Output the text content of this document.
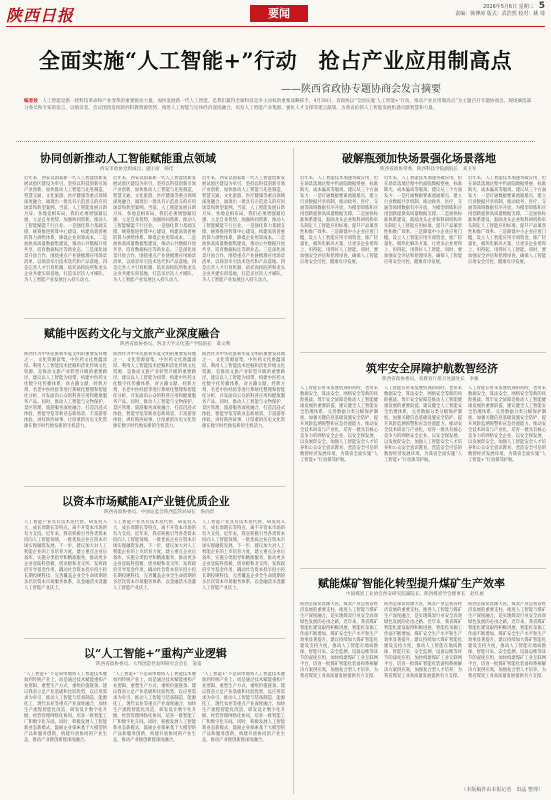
陕西日报	要闻	2026年5月6日 星期三　 5
责编：韩博涛 版式：武浩然 校对：姚 琦
全面实施“人工智能+”行动　抢占产业应用制高点
——陕西省政协专题协商会发言摘要
编者按　 人工智能是新一轮科技革命和产业变革的重要驱动力量。加快发展新一代人工智能，是我们赢得全球科技竞争主动权的重要战略抓手。4月30日，省政协以“全面实施‘人工智能+’行动，推动产业应用制高点”为主题召开专题协商会。现场摘选部分委员和专家的发言，以飨读者。会议围绕发挥陕西科教资源优势、推进人工智能与实体经济深度融合、培育人工智能产业集群、强化人才支撑等建言献策，为我省抢抓人工智能发展机遇贡献智慧和力量。
协同创新推动人工智能赋能重点领域
西安市政协党组成员、副主席　韩佳
近年来，西安以国家新一代人工智能创新发展试验区建设为牵引，坚持以科技创新引领产业创新，加快推动人工智能与先进制造、智慧交通、文化旅游、医疗健康等重点领域深度融合，涌现出一批具有示范意义的应用场景和典型案例。当前，人工智能发展日新月异，各地竞相布局，我们必须增强紧迫感，立足自身优势，加强协同创新，推动人工智能赋能千行百业。一是强化算力基础支撑，统筹推进智算中心建设，构建高效普惠的算力供给体系，降低企业用算成本。二是加快高质量数据集建设，推动公共数据开放共享，培育数据标注等新业态。三是深化场景开放合作，围绕重点产业链梳理应用场景清单，以场景牵引技术迭代和产品落地。四是完善人才引育机制，依托高校院所和龙头企业共建实训基地，打造多层次人才梯队，为人工智能产业发展注入持久动力。
近年来，西安以国家新一代人工智能创新发展试验区建设为牵引，坚持以科技创新引领产业创新，加快推动人工智能与先进制造、智慧交通、文化旅游、医疗健康等重点领域深度融合，涌现出一批具有示范意义的应用场景和典型案例。当前，人工智能发展日新月异，各地竞相布局，我们必须增强紧迫感，立足自身优势，加强协同创新，推动人工智能赋能千行百业。一是强化算力基础支撑，统筹推进智算中心建设，构建高效普惠的算力供给体系，降低企业用算成本。二是加快高质量数据集建设，推动公共数据开放共享，培育数据标注等新业态。三是深化场景开放合作，围绕重点产业链梳理应用场景清单，以场景牵引技术迭代和产品落地。四是完善人才引育机制，依托高校院所和龙头企业共建实训基地，打造多层次人才梯队，为人工智能产业发展注入持久动力。
近年来，西安以国家新一代人工智能创新发展试验区建设为牵引，坚持以科技创新引领产业创新，加快推动人工智能与先进制造、智慧交通、文化旅游、医疗健康等重点领域深度融合，涌现出一批具有示范意义的应用场景和典型案例。当前，人工智能发展日新月异，各地竞相布局，我们必须增强紧迫感，立足自身优势，加强协同创新，推动人工智能赋能千行百业。一是强化算力基础支撑，统筹推进智算中心建设，构建高效普惠的算力供给体系，降低企业用算成本。二是加快高质量数据集建设，推动公共数据开放共享，培育数据标注等新业态。三是深化场景开放合作，围绕重点产业链梳理应用场景清单，以场景牵引技术迭代和产品落地。四是完善人才引育机制，依托高校院所和龙头企业共建实训基地，打造多层次人才梯队，为人工智能产业发展注入持久动力。
破解瓶颈加快场景强化场景落地
陕西省政协常委、陕西科技学院副院长　刘卫军
近年来，人工智能技术加速突破应用，但在场景落地过程中仍面临数据壁垒、标准缺失、成本偏高等瓶颈。建议从三个方面发力：一是打通数据要素流通堵点，建立行业数据共享机制，推动政务、医疗、交通等领域数据有序开放，为模型训练和应用创新提供高质量数据支撑。二是加快标准体系建设，鼓励龙头企业和科研机构牵头制定人工智能应用标准，提升产品兼容性和推广效率。三是降低中小企业应用门槛，设立人工智能应用专项资金，推广轻量化、模块化解决方案，让更多企业用得上、用得起、用得好人工智能。同时，要加强安全评估和伦理审查，确保人工智能应用安全可控、健康有序发展。
近年来，人工智能技术加速突破应用，但在场景落地过程中仍面临数据壁垒、标准缺失、成本偏高等瓶颈。建议从三个方面发力：一是打通数据要素流通堵点，建立行业数据共享机制，推动政务、医疗、交通等领域数据有序开放，为模型训练和应用创新提供高质量数据支撑。二是加快标准体系建设，鼓励龙头企业和科研机构牵头制定人工智能应用标准，提升产品兼容性和推广效率。三是降低中小企业应用门槛，设立人工智能应用专项资金，推广轻量化、模块化解决方案，让更多企业用得上、用得起、用得好人工智能。同时，要加强安全评估和伦理审查，确保人工智能应用安全可控、健康有序发展。
近年来，人工智能技术加速突破应用，但在场景落地过程中仍面临数据壁垒、标准缺失、成本偏高等瓶颈。建议从三个方面发力：一是打通数据要素流通堵点，建立行业数据共享机制，推动政务、医疗、交通等领域数据有序开放，为模型训练和应用创新提供高质量数据支撑。二是加快标准体系建设，鼓励龙头企业和科研机构牵头制定人工智能应用标准，提升产品兼容性和推广效率。三是降低中小企业应用门槛，设立人工智能应用专项资金，推广轻量化、模块化解决方案，让更多企业用得上、用得起、用得好人工智能。同时，要加强安全评估和伦理审查，确保人工智能应用安全可控、健康有序发展。
赋能中医药文化与文旅产业深度融合
陕西省政协委员、西北大学文化遗产学院院长　葛文利
陕西作为中华民族和华夏文明的重要发祥地之一，文化资源富集，中医药文化底蕴深厚。利用人工智能技术挖掘和活化传统文化资源，是推动文旅产业转型升级的重要路径。建议以人工智能为纽带，构建中医药文化数字化传播体系，对古籍文献、经典方剂、名老中医经验等进行系统化整理和智能化分析，开发面向公众的科普应用和健康服务产品。同时，推动人工智能与文物保护、景区管理、旅游服务深度融合，打造沉浸式体验、智能导览等新业态新场景，丰富游客体验，讲好陕西故事，让厚重的历史文化资源在数字时代焕发新的生机活力。
陕西作为中华民族和华夏文明的重要发祥地之一，文化资源富集，中医药文化底蕴深厚。利用人工智能技术挖掘和活化传统文化资源，是推动文旅产业转型升级的重要路径。建议以人工智能为纽带，构建中医药文化数字化传播体系，对古籍文献、经典方剂、名老中医经验等进行系统化整理和智能化分析，开发面向公众的科普应用和健康服务产品。同时，推动人工智能与文物保护、景区管理、旅游服务深度融合，打造沉浸式体验、智能导览等新业态新场景，丰富游客体验，讲好陕西故事，让厚重的历史文化资源在数字时代焕发新的生机活力。
陕西作为中华民族和华夏文明的重要发祥地之一，文化资源富集，中医药文化底蕴深厚。利用人工智能技术挖掘和活化传统文化资源，是推动文旅产业转型升级的重要路径。建议以人工智能为纽带，构建中医药文化数字化传播体系，对古籍文献、经典方剂、名老中医经验等进行系统化整理和智能化分析，开发面向公众的科普应用和健康服务产品。同时，推动人工智能与文物保护、景区管理、旅游服务深度融合，打造沉浸式体验、智能导览等新业态新场景，丰富游客体验，讲好陕西故事，让厚重的历史文化资源在数字时代焕发新的生机活力。
筑牢安全屏障护航数智经济
陕西省政协委员、省教育厅保卫处副处长　李强
人工智能在带来发展机遇的同时，也带来数据安全、算法安全、网络安全等新的风险挑战。筑牢安全屏障是推动人工智能健康发展的重要前提。建议健全人工智能安全治理体系，完善数据分类分级保护制度，加强关键信息基础设施安全防护，提升风险监测预警和应急处置能力。推动安全技术研发与产业化，培育一批具有核心竞争力的网络安全企业，以安全保发展、以发展促安全。加强人工智能安全人才培养和公众安全意识教育，营造安全可信的数智经济发展环境，为我省全面实施“人工智能+”行动保驾护航。
人工智能在带来发展机遇的同时，也带来数据安全、算法安全、网络安全等新的风险挑战。筑牢安全屏障是推动人工智能健康发展的重要前提。建议健全人工智能安全治理体系，完善数据分类分级保护制度，加强关键信息基础设施安全防护，提升风险监测预警和应急处置能力。推动安全技术研发与产业化，培育一批具有核心竞争力的网络安全企业，以安全保发展、以发展促安全。加强人工智能安全人才培养和公众安全意识教育，营造安全可信的数智经济发展环境，为我省全面实施“人工智能+”行动保驾护航。
人工智能在带来发展机遇的同时，也带来数据安全、算法安全、网络安全等新的风险挑战。筑牢安全屏障是推动人工智能健康发展的重要前提。建议健全人工智能安全治理体系，完善数据分类分级保护制度，加强关键信息基础设施安全防护，提升风险监测预警和应急处置能力。推动安全技术研发与产业化，培育一批具有核心竞争力的网络安全企业，以安全保发展、以发展促安全。加强人工智能安全人才培养和公众安全意识教育，营造安全可信的数智经济发展环境，为我省全面实施“人工智能+”行动保驾护航。
以资本市场赋能AI产业链优质企业
陕西省政协委员、中国证监会陕西监管局局长　鲁尚贵
人工智能产业具有技术迭代快、研发投入大、成长周期长等特点，离不开资本市场的有力支持。近年来，我省积极引导各类资本投向人工智能领域，一批优质企业在资本市场实现融资发展。下一步，建议加大对人工智能企业的上市培育力度，建立重点企业后备库，实施分类指导和精准服务，推动更多企业登陆科创板、创业板和北交所。发挥政府引导基金作用，撬动社会资本投早投小投长期投硬科技，完善覆盖企业全生命周期的多层次资本市场服务体系，以金融活水浇灌人工智能产业沃土。
人工智能产业具有技术迭代快、研发投入大、成长周期长等特点，离不开资本市场的有力支持。近年来，我省积极引导各类资本投向人工智能领域，一批优质企业在资本市场实现融资发展。下一步，建议加大对人工智能企业的上市培育力度，建立重点企业后备库，实施分类指导和精准服务，推动更多企业登陆科创板、创业板和北交所。发挥政府引导基金作用，撬动社会资本投早投小投长期投硬科技，完善覆盖企业全生命周期的多层次资本市场服务体系，以金融活水浇灌人工智能产业沃土。
人工智能产业具有技术迭代快、研发投入大、成长周期长等特点，离不开资本市场的有力支持。近年来，我省积极引导各类资本投向人工智能领域，一批优质企业在资本市场实现融资发展。下一步，建议加大对人工智能企业的上市培育力度，建立重点企业后备库，实施分类指导和精准服务，推动更多企业登陆科创板、创业板和北交所。发挥政府引导基金作用，撬动社会资本投早投小投长期投硬科技，完善覆盖企业全生命周期的多层次资本市场服务体系，以金融活水浇灌人工智能产业沃土。	赋能煤矿智能化转型提升煤矿生产效率
中国煤炭工业协会西安研究院副院长、陕西煤炭学会理事长　赵红旗
陕西是煤炭资源大省，煤炭产业是我省经济发展的重要支柱。推进人工智能与煤矿生产深度融合，是实现煤炭行业安全高效绿色发展的必由之路。近年来，我省煤矿智能化建设取得积极进展，智能化采掘工作面不断增加，煤矿安全生产水平和生产效率显著提升。建议持续加大煤矿智能化建设支持力度，推动人工智能在地质勘探、智能开采、安全监测、设备运维等环节的深度应用，加快构建煤矿工业互联网平台，培育一批煤矿智能化装备和系统解决方案供应商，加强复合型人才培养，为我省煤炭工业高质量发展提供有力支撑。
陕西是煤炭资源大省，煤炭产业是我省经济发展的重要支柱。推进人工智能与煤矿生产深度融合，是实现煤炭行业安全高效绿色发展的必由之路。近年来，我省煤矿智能化建设取得积极进展，智能化采掘工作面不断增加，煤矿安全生产水平和生产效率显著提升。建议持续加大煤矿智能化建设支持力度，推动人工智能在地质勘探、智能开采、安全监测、设备运维等环节的深度应用，加快构建煤矿工业互联网平台，培育一批煤矿智能化装备和系统解决方案供应商，加强复合型人才培养，为我省煤炭工业高质量发展提供有力支撑。
陕西是煤炭资源大省，煤炭产业是我省经济发展的重要支柱。推进人工智能与煤矿生产深度融合，是实现煤炭行业安全高效绿色发展的必由之路。近年来，我省煤矿智能化建设取得积极进展，智能化采掘工作面不断增加，煤矿安全生产水平和生产效率显著提升。建议持续加大煤矿智能化建设支持力度，推动人工智能在地质勘探、智能开采、安全监测、设备运维等环节的深度应用，加快构建煤矿工业互联网平台，培育一批煤矿智能化装备和系统解决方案供应商，加强复合型人才培养，为我省煤炭工业高质量发展提供有力支撑。
以“人工智能+”重构产业逻辑
陕西省政协委员、大邦创造性发明研究会会长　姜雷
“人工智能+”不是简单地将人工智能技术叠加到传统产业上，而是通过技术赋能重构产业逻辑、重塑生产方式、重组价值链条。建议我省立足产业基础和比较优势，以应用需求为牵引，推动人工智能与装备制造、能源化工、现代农业等重点产业深度融合，加快生产流程智能化改造、研发设计数字化升级、经营管理网络化协同，培育一批智能工厂和数字化车间。同时，积极发展人工智能新业态新模式，鼓励企业探索基于大模型的产品和服务创新，构建开放协同的产业生态，推动产业链创新链深度融合。
“人工智能+”不是简单地将人工智能技术叠加到传统产业上，而是通过技术赋能重构产业逻辑、重塑生产方式、重组价值链条。建议我省立足产业基础和比较优势，以应用需求为牵引，推动人工智能与装备制造、能源化工、现代农业等重点产业深度融合，加快生产流程智能化改造、研发设计数字化升级、经营管理网络化协同，培育一批智能工厂和数字化车间。同时，积极发展人工智能新业态新模式，鼓励企业探索基于大模型的产品和服务创新，构建开放协同的产业生态，推动产业链创新链深度融合。
“人工智能+”不是简单地将人工智能技术叠加到传统产业上，而是通过技术赋能重构产业逻辑、重塑生产方式、重组价值链条。建议我省立足产业基础和比较优势，以应用需求为牵引，推动人工智能与装备制造、能源化工、现代农业等重点产业深度融合，加快生产流程智能化改造、研发设计数字化升级、经营管理网络化协同，培育一批智能工厂和数字化车间。同时，积极发展人工智能新业态新模式，鼓励企业探索基于大模型的产品和服务创新，构建开放协同的产业生态，推动产业链创新链深度融合。
（本版稿件由本报记者　田晶 整理）
